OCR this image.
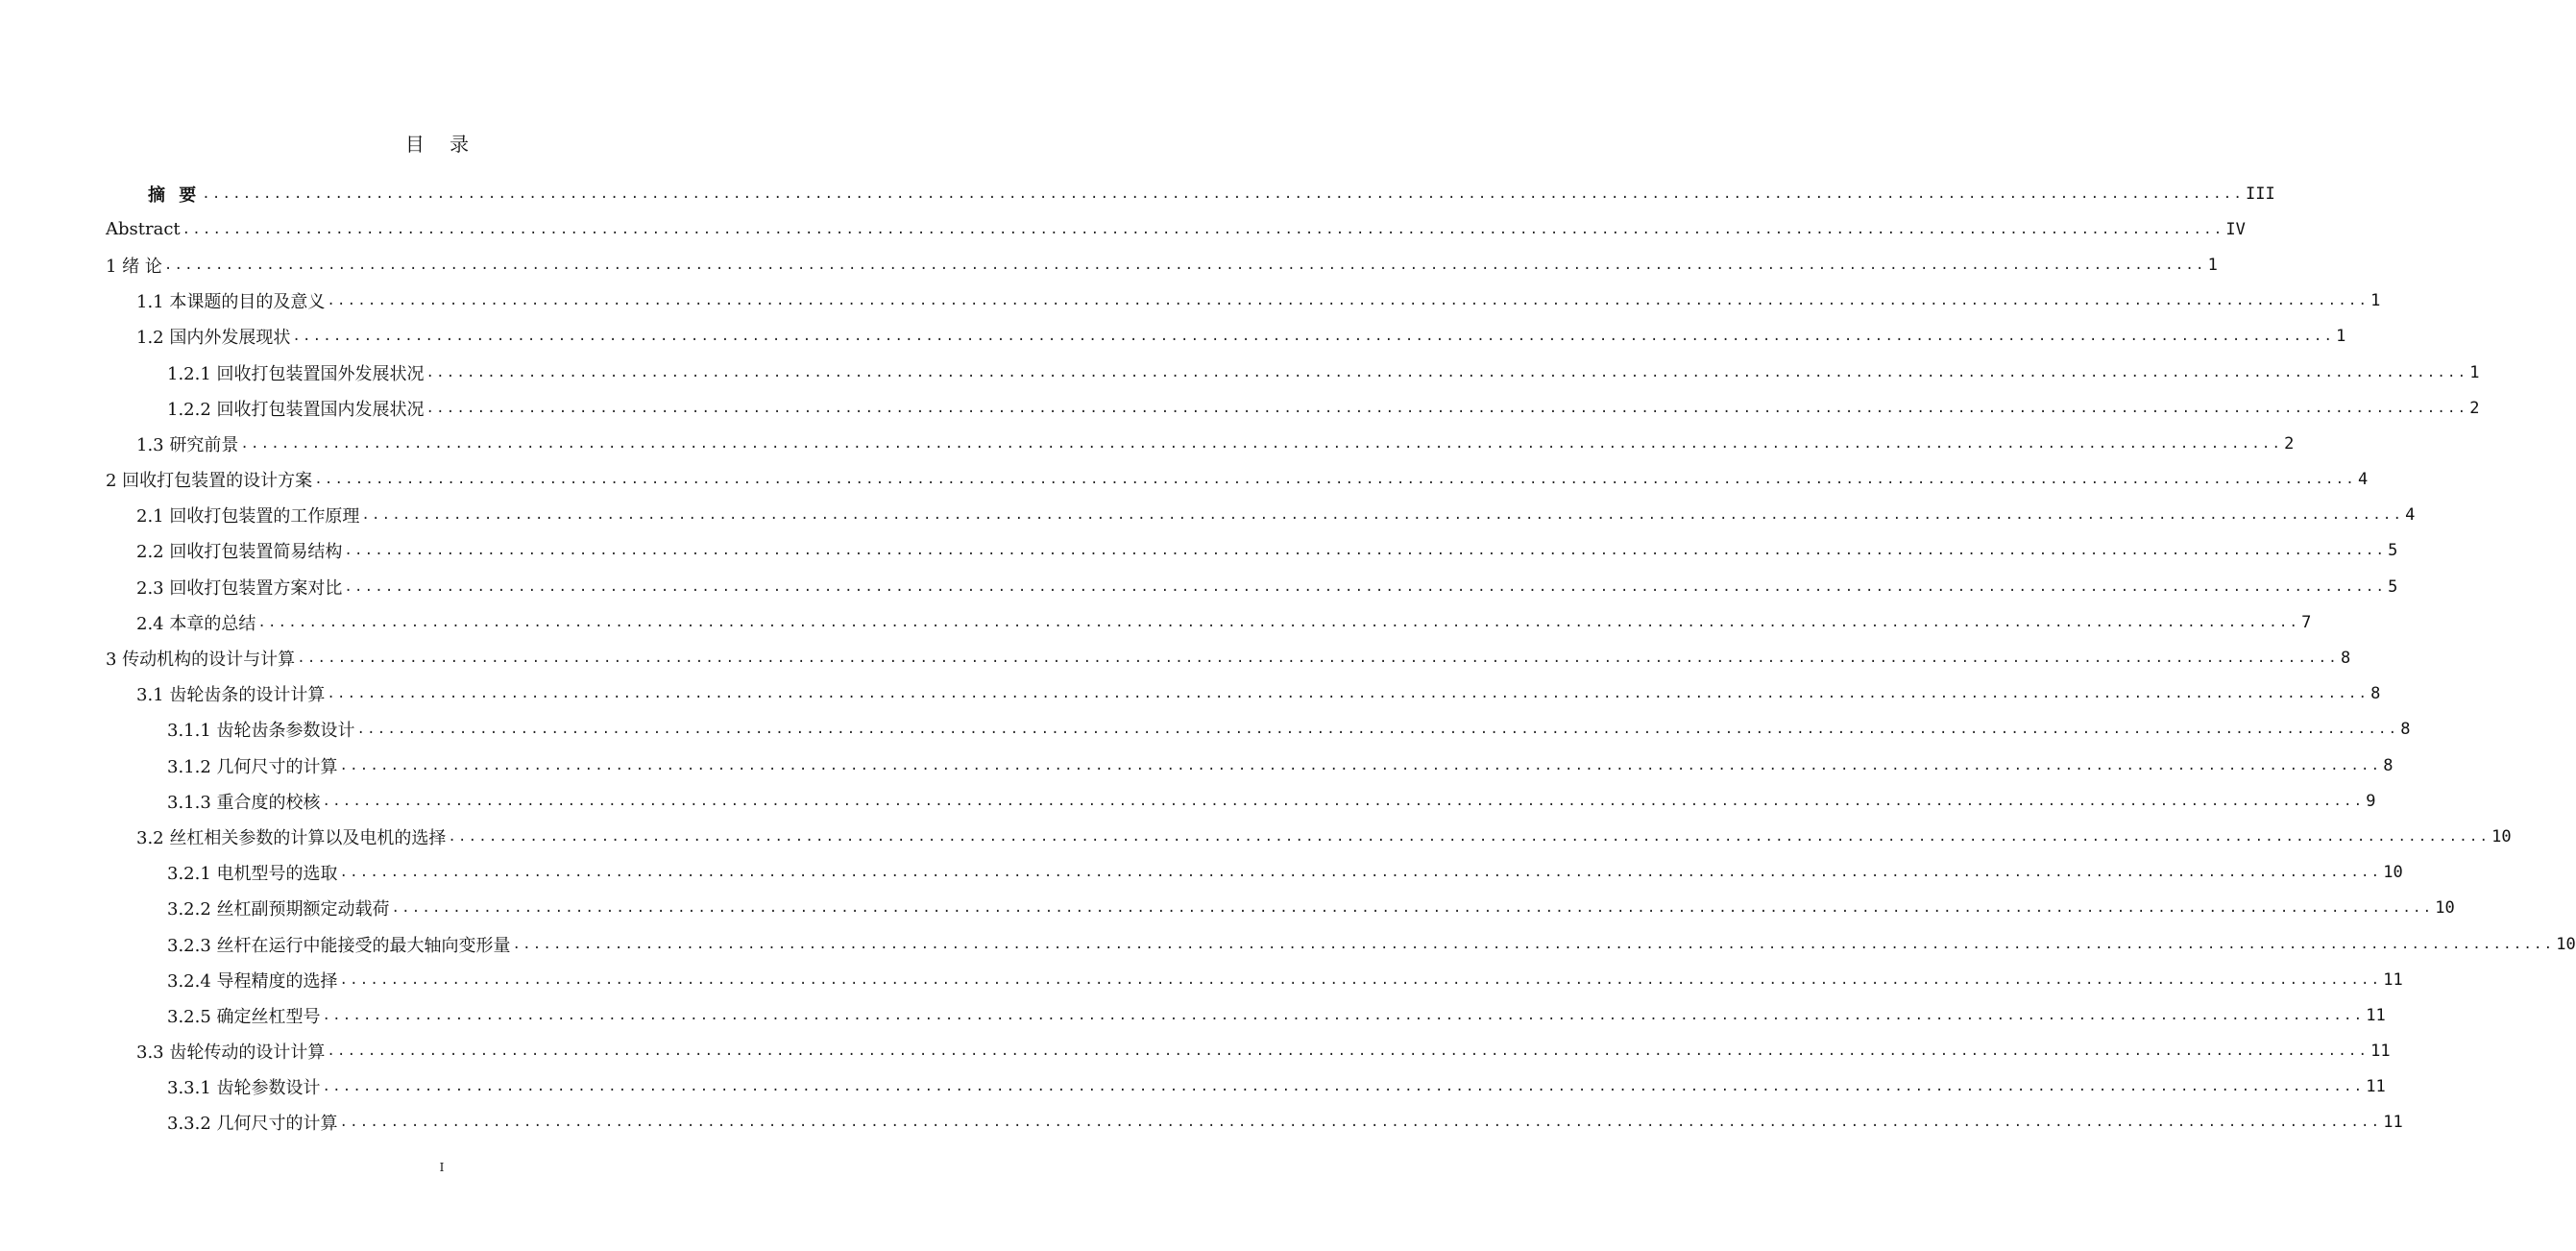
目 录
摘 要 ........................................................................................................................................................................................................ III
Abstract ........................................................................................................................................................................................................ IV
1 绪 论 ........................................................................................................................................................................................................ 1
1.1 本课题的目的及意义 ........................................................................................................................................................................................................ 1
1.2 国内外发展现状 ........................................................................................................................................................................................................ 1
1.2.1 回收打包装置国外发展状况 ........................................................................................................................................................................................................ 1
1.2.2 回收打包装置国内发展状况 ........................................................................................................................................................................................................ 2
1.3 研究前景 ........................................................................................................................................................................................................ 2
2 回收打包装置的设计方案 ........................................................................................................................................................................................................ 4
2.1 回收打包装置的工作原理 ........................................................................................................................................................................................................ 4
2.2 回收打包装置简易结构 ........................................................................................................................................................................................................ 5
2.3 回收打包装置方案对比 ........................................................................................................................................................................................................ 5
2.4 本章的总结 ........................................................................................................................................................................................................ 7
3 传动机构的设计与计算 ........................................................................................................................................................................................................ 8
3.1 齿轮齿条的设计计算 ........................................................................................................................................................................................................ 8
3.1.1 齿轮齿条参数设计 ........................................................................................................................................................................................................ 8
3.1.2 几何尺寸的计算 ........................................................................................................................................................................................................ 8
3.1.3 重合度的校核 ........................................................................................................................................................................................................ 9
3.2 丝杠相关参数的计算以及电机的选择 ........................................................................................................................................................................................................ 10
3.2.1 电机型号的选取 ........................................................................................................................................................................................................ 10
3.2.2 丝杠副预期额定动载荷 ........................................................................................................................................................................................................ 10
3.2.3 丝杆在运行中能接受的最大轴向变形量 ........................................................................................................................................................................................................ 10
3.2.4 导程精度的选择 ........................................................................................................................................................................................................ 11
3.2.5 确定丝杠型号 ........................................................................................................................................................................................................ 11
3.3 齿轮传动的设计计算 ........................................................................................................................................................................................................ 11
3.3.1 齿轮参数设计 ........................................................................................................................................................................................................ 11
3.3.2 几何尺寸的计算 ........................................................................................................................................................................................................ 11
I
